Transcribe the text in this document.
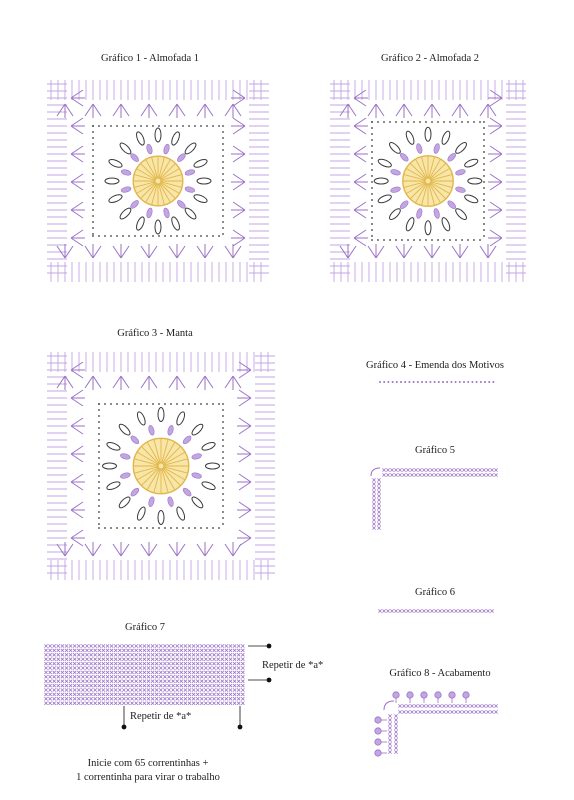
Gráfico 1 - Almofada 1	Gráfico 2 - Almofada 2
Gráfico 3 - Manta
Gráfico 4 - Emenda dos Motivos
Gráfico 5
Gráfico 6
Gráfico 7
Gráfico 8 - Acabamento
Repetir de *a*
Repetir de *a*
Inicie com 65 correntinhas +
1 correntinha para virar o trabalho
